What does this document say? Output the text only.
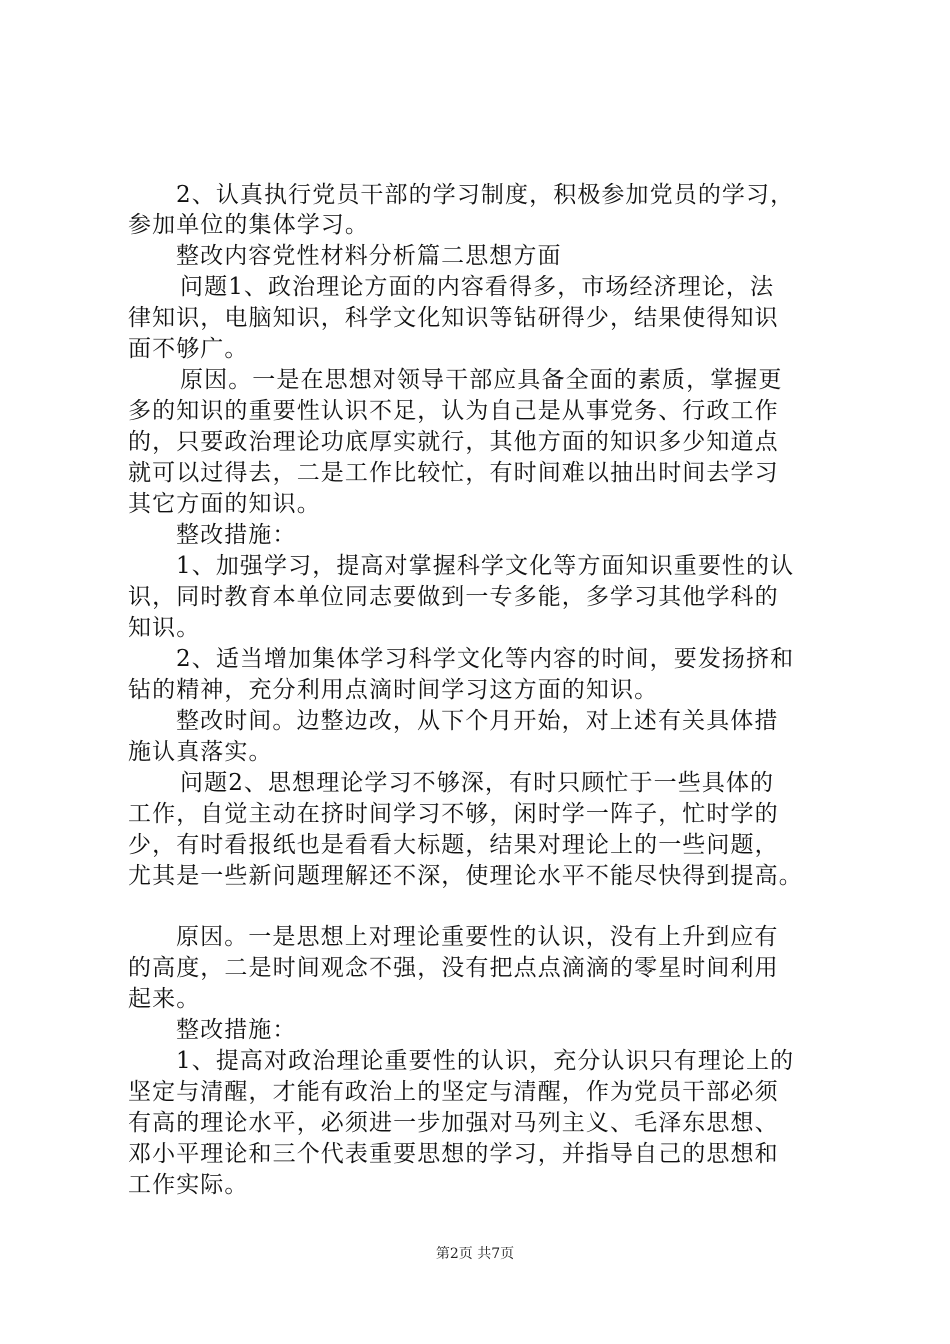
2、认真执行党员干部的学习制度，积极参加党员的学习，
参加单位的集体学习。
整改内容党性材料分析篇二思想方面
问题1、政治理论方面的内容看得多，市场经济理论，法
律知识，电脑知识，科学文化知识等钻研得少，结果使得知识
面不够广。
原因。一是在思想对领导干部应具备全面的素质，掌握更
多的知识的重要性认识不足，认为自己是从事党务、行政工作
的，只要政治理论功底厚实就行，其他方面的知识多少知道点
就可以过得去，二是工作比较忙，有时间难以抽出时间去学习
其它方面的知识。
整改措施：
1、加强学习，提高对掌握科学文化等方面知识重要性的认
识，同时教育本单位同志要做到一专多能，多学习其他学科的
知识。
2、适当增加集体学习科学文化等内容的时间，要发扬挤和
钻的精神，充分利用点滴时间学习这方面的知识。
整改时间。边整边改，从下个月开始，对上述有关具体措
施认真落实。
问题2、思想理论学习不够深，有时只顾忙于一些具体的
工作，自觉主动在挤时间学习不够，闲时学一阵子，忙时学的
少，有时看报纸也是看看大标题，结果对理论上的一些问题，
尤其是一些新问题理解还不深，使理论水平不能尽快得到提高。
原因。一是思想上对理论重要性的认识，没有上升到应有
的高度，二是时间观念不强，没有把点点滴滴的零星时间利用
起来。
整改措施：
1、提高对政治理论重要性的认识，充分认识只有理论上的
坚定与清醒，才能有政治上的坚定与清醒，作为党员干部必须
有高的理论水平，必须进一步加强对马列主义、毛泽东思想、
邓小平理论和三个代表重要思想的学习，并指导自己的思想和
工作实际。
第2页 共7页
